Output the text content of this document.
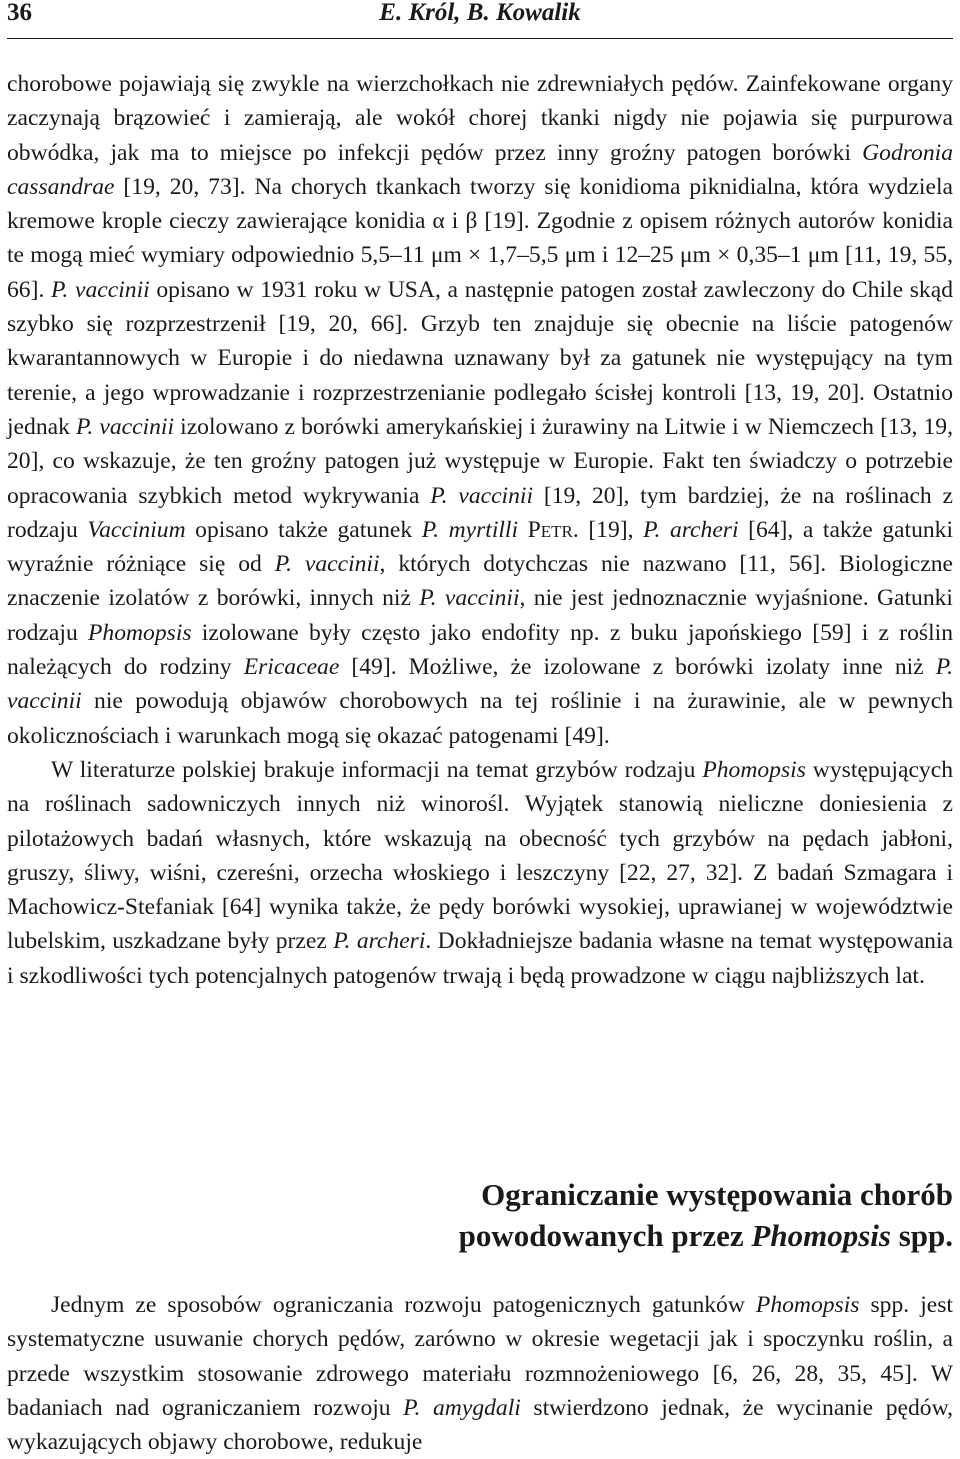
36	E. Król, B. Kowalik

chorobowe pojawiają się zwykle na wierzchołkach nie zdrewniałych pędów. Zainfekowane organy zaczynają brązowieć i zamierają, ale wokół chorej tkanki nigdy nie pojawia się purpurowa obwódka, jak ma to miejsce po infekcji pędów przez inny groźny patogen borówki Godronia cassandrae [19, 20, 73]. Na chorych tkankach tworzy się konidioma piknidialna, która wydziela kremowe krople cieczy zawierające konidia α i β [19]. Zgodnie z opisem różnych autorów konidia te mogą mieć wymiary odpowiednio 5,5–11 μm × 1,7–5,5 μm i 12–25 μm × 0,35–1 μm [11, 19, 55, 66]. P. vaccinii opisano w 1931 roku w USA, a następnie patogen został zawleczony do Chile skąd szybko się rozprzestrzenił [19, 20, 66]. Grzyb ten znajduje się obecnie na liście patogenów kwarantannowych w Europie i do niedawna uznawany był za gatunek nie występujący na tym terenie, a jego wprowadzanie i rozprzestrzenianie podlegało ścisłej kontroli [13, 19, 20]. Ostatnio jednak P. vaccinii izolowano z borówki amerykańskiej i żurawiny na Litwie i w Niemczech [13, 19, 20], co wskazuje, że ten groźny patogen już występuje w Europie. Fakt ten świadczy o potrzebie opracowania szybkich metod wykrywania P. vaccinii [19, 20], tym bardziej, że na roślinach z rodzaju Vaccinium opisano także gatunek P. myrtilli Petr. [19], P. archeri [64], a także gatunki wyraźnie różniące się od P. vaccinii, których dotychczas nie nazwano [11, 56]. Biologiczne znaczenie izolatów z borówki, innych niż P. vaccinii, nie jest jednoznacznie wyjaśnione. Gatunki rodzaju Phomopsis izolowane były często jako endofity np. z buku japońskiego [59] i z roślin należących do rodziny Ericaceae [49]. Możliwe, że izolowane z borówki izolaty inne niż P. vaccinii nie powodują objawów chorobowych na tej roślinie i na żurawinie, ale w pewnych okolicznościach i warunkach mogą się okazać patogenami [49].

W literaturze polskiej brakuje informacji na temat grzybów rodzaju Phomopsis występujących na roślinach sadowniczych innych niż winorośl. Wyjątek stanowią nieliczne doniesienia z pilotażowych badań własnych, które wskazują na obecność tych grzybów na pędach jabłoni, gruszy, śliwy, wiśni, czereśni, orzecha włoskiego i leszczyny [22, 27, 32]. Z badań Szmagara i Machowicz-Stefaniak [64] wynika także, że pędy borówki wysokiej, uprawianej w województwie lubelskim, uszkadzane były przez P. archeri. Dokładniejsze badania własne na temat występowania i szkodliwości tych potencjalnych patogenów trwają i będą prowadzone w ciągu najbliższych lat.

Ograniczanie występowania chorób
powodowanych przez Phomopsis spp.

Jednym ze sposobów ograniczania rozwoju patogenicznych gatunków Phomopsis spp. jest systematyczne usuwanie chorych pędów, zarówno w okresie wegetacji jak i spoczynku roślin, a przede wszystkim stosowanie zdrowego materiału rozmnożeniowego [6, 26, 28, 35, 45]. W badaniach nad ograniczaniem rozwoju P. amygdali stwierdzono jednak, że wycinanie pędów, wykazujących objawy chorobowe, redukuje
